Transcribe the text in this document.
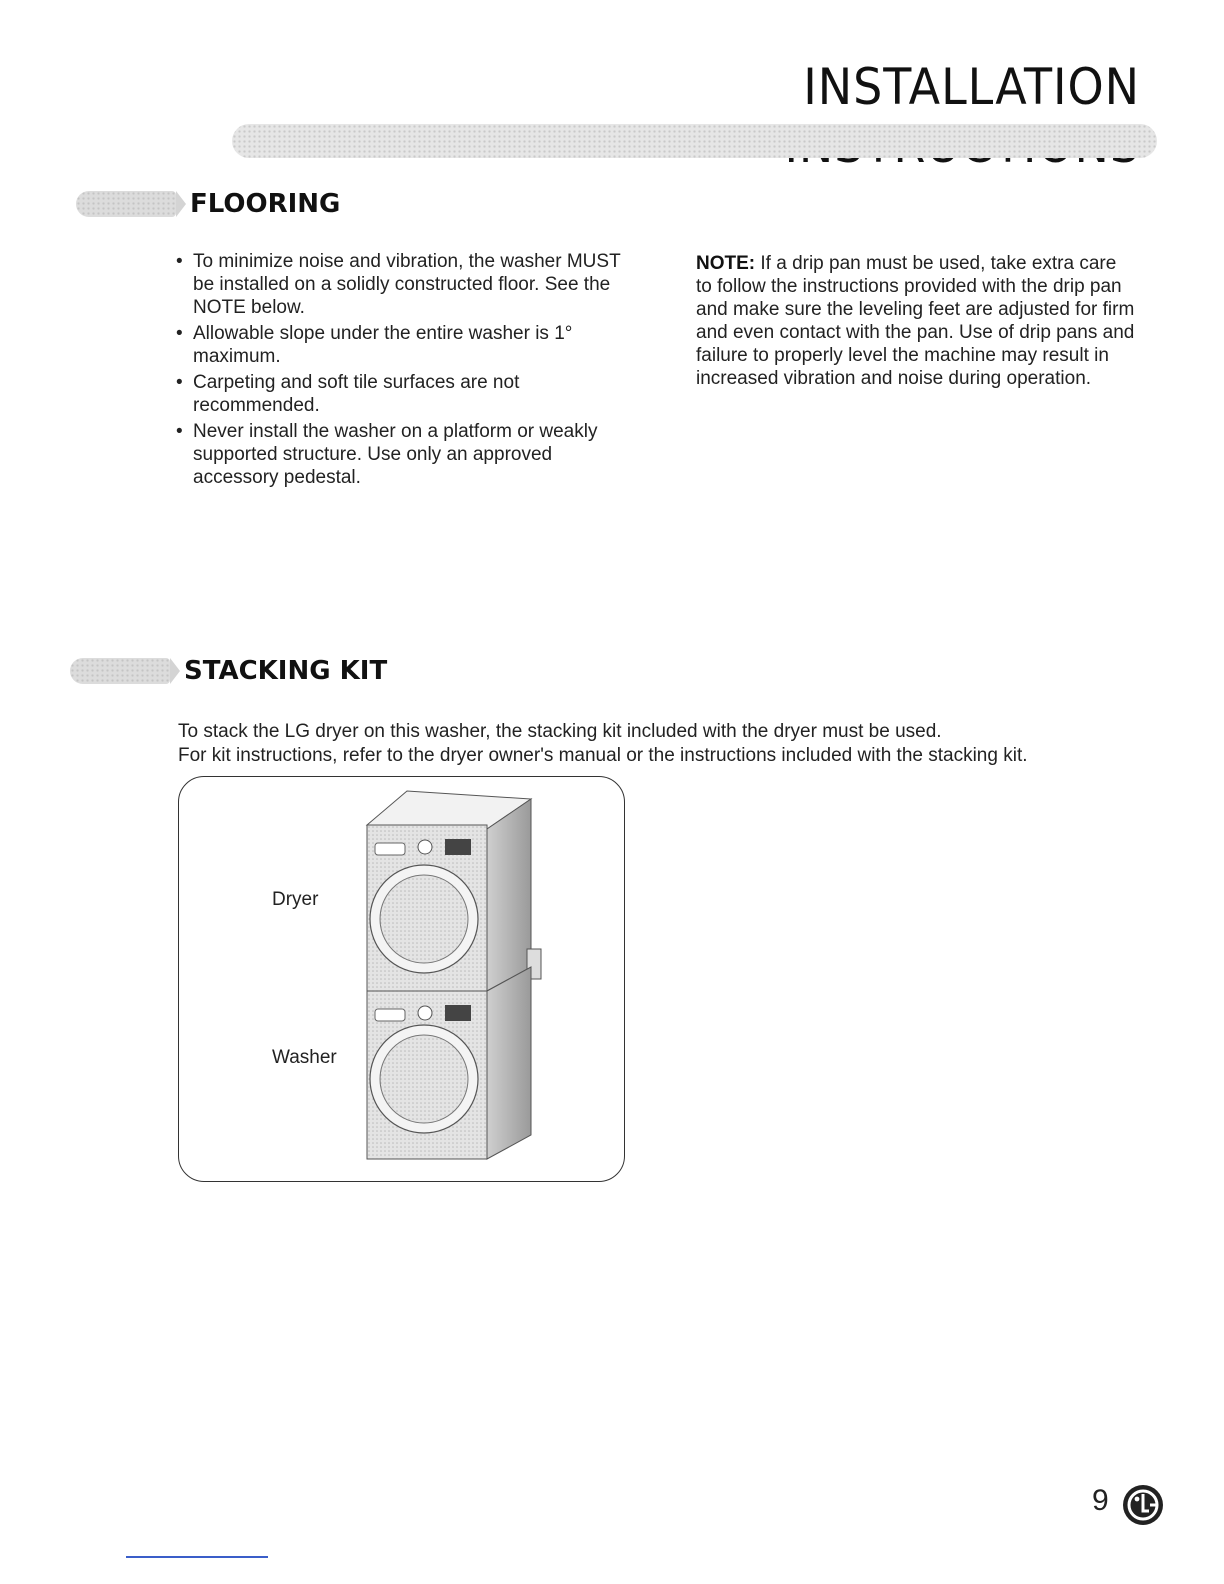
INSTALLATION
FLOORING
• To minimize noise and vibration, the washer MUST be installed on a solidly constructed floor. See the NOTE below.
• Allowable slope under the entire washer is 1° maximum.
• Carpeting and soft tile surfaces are not recommended.
• Never install the washer on a platform or weakly supported structure. Use only an approved accessory pedestal.
NOTE: If a drip pan must be used, take extra care to follow the instructions provided with the drip pan and make sure the leveling feet are adjusted for firm and even contact with the pan. Use of drip pans and failure to properly level the machine may result in increased vibration and noise during operation.
STACKING KIT
To stack the LG dryer on this washer, the stacking kit included with the dryer must be used.
For kit instructions, refer to the dryer owner's manual or the instructions included with the stacking kit.
Dryer
Washer
9
